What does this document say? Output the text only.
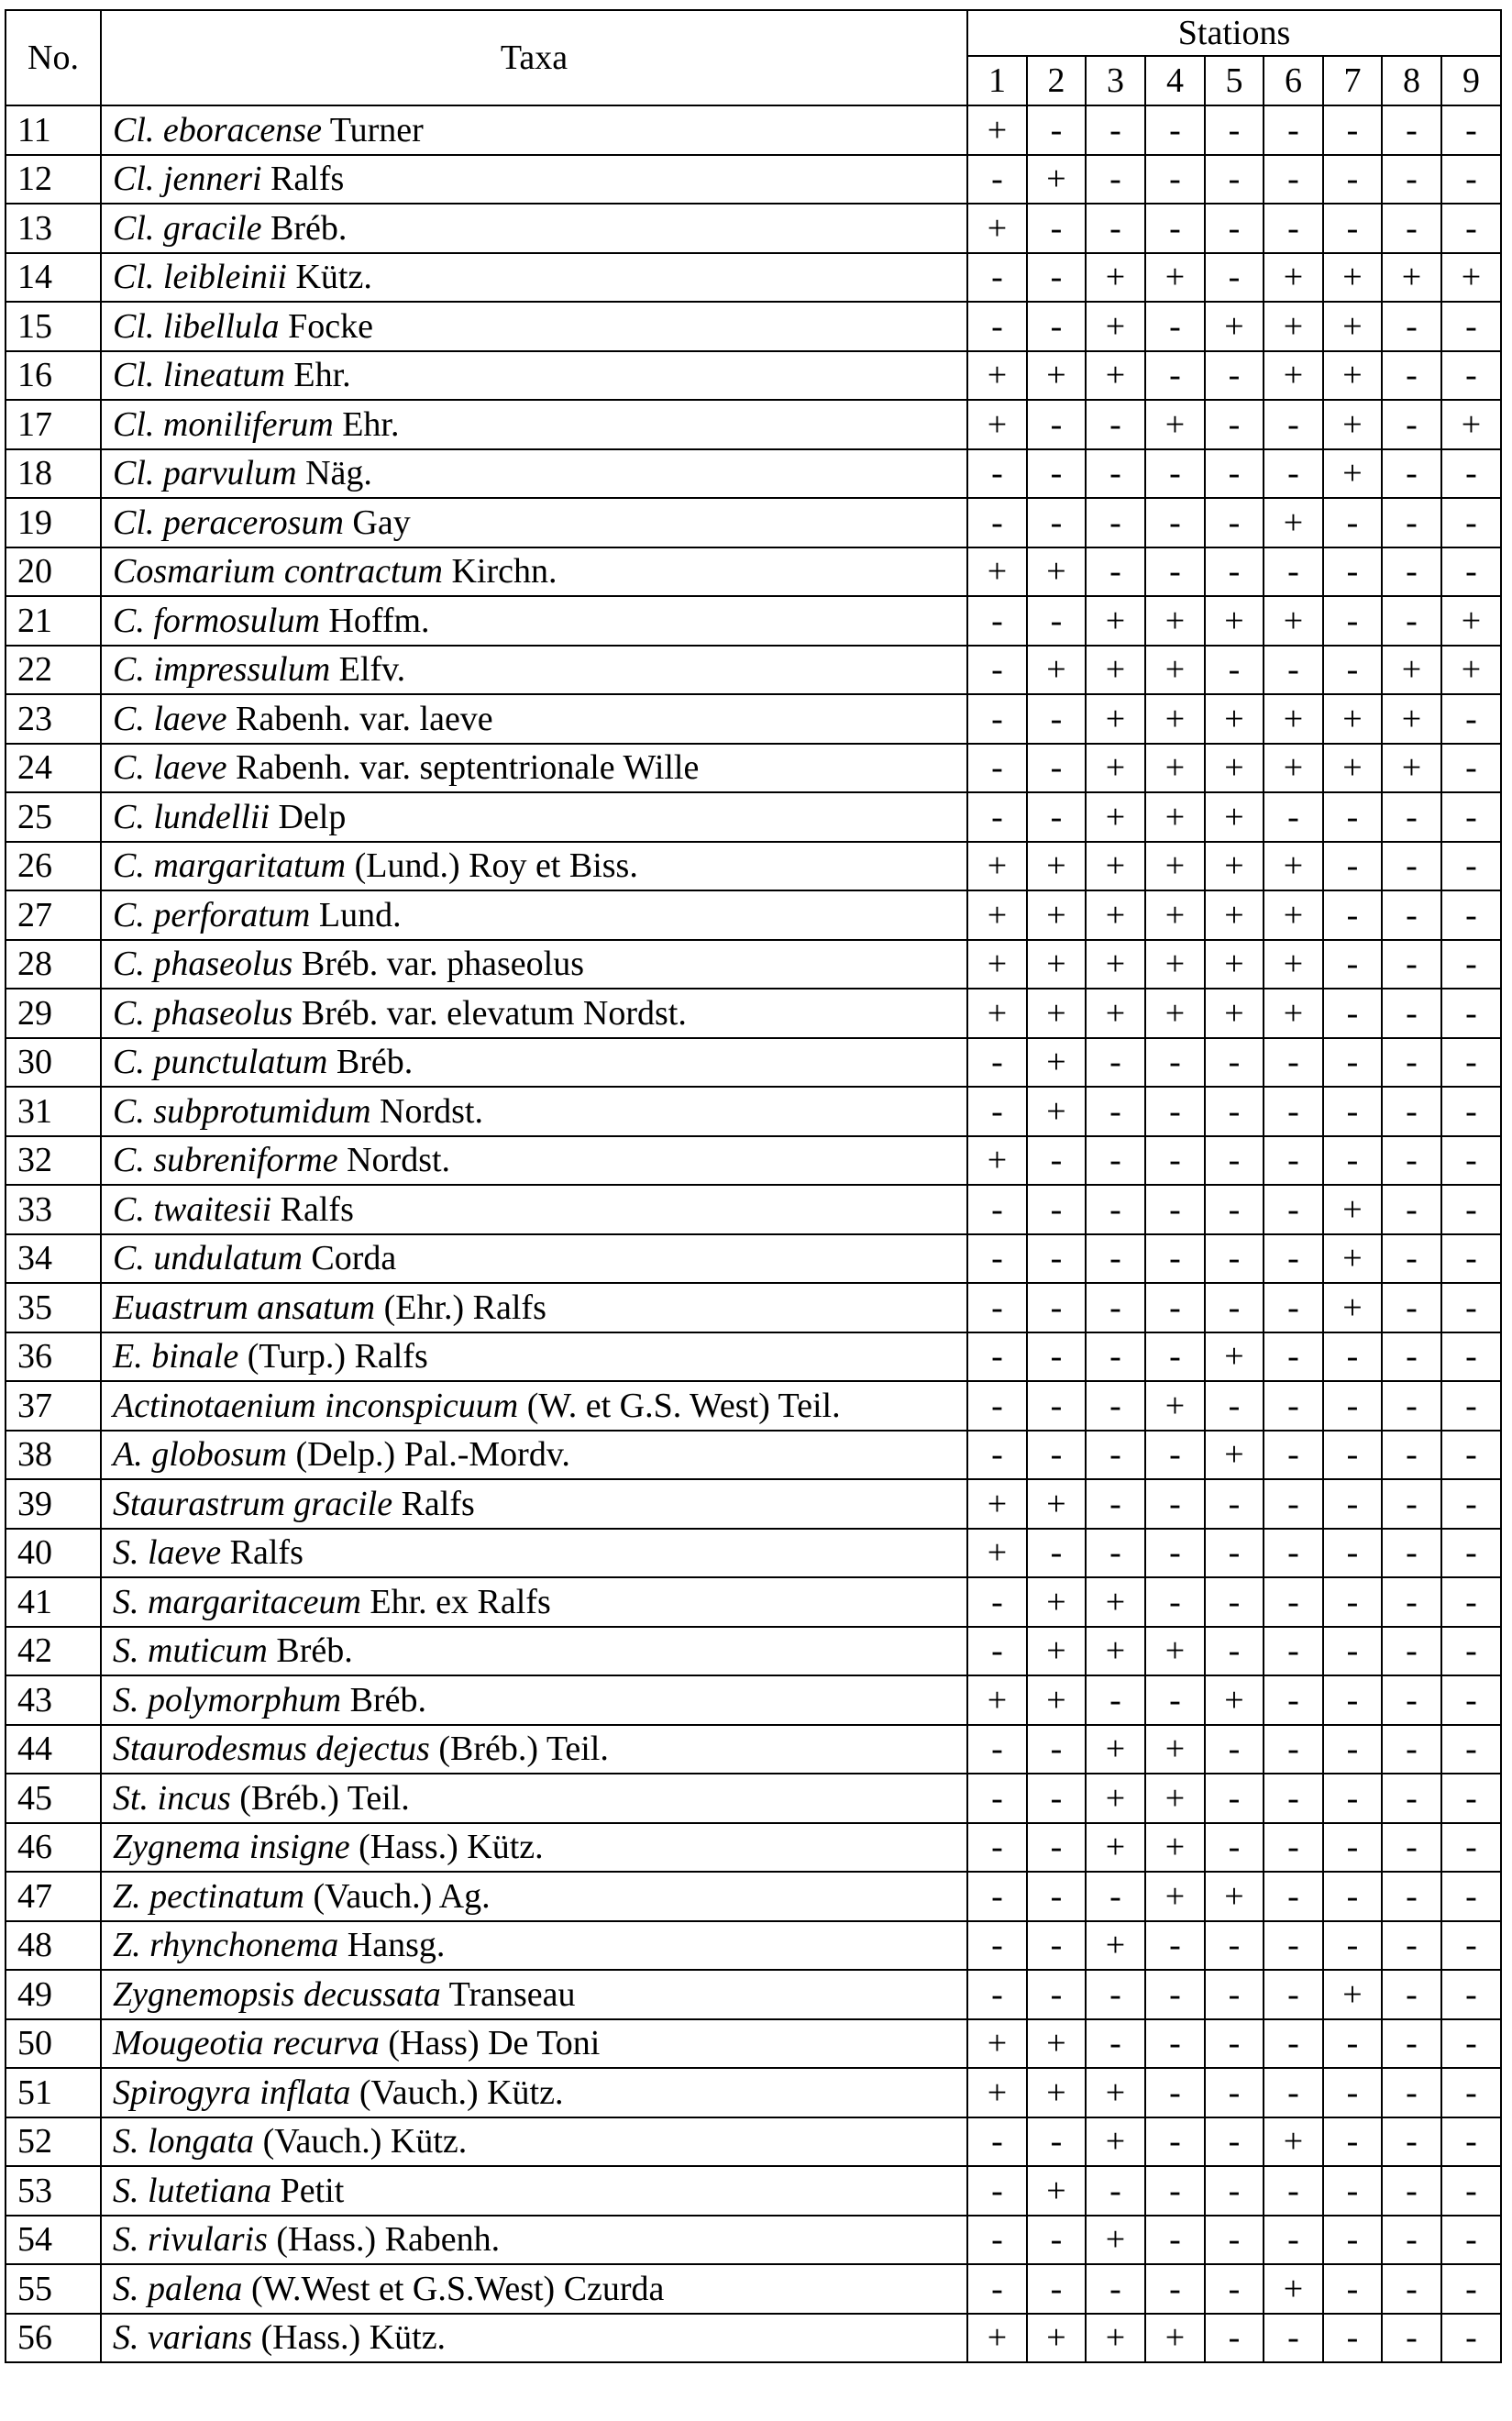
No.	Taxa	Stations								
		1	2	3	4	5	6	7	8	9
11	Cl. eboracense Turner	+	-	-	-	-	-	-	-	-
12	Cl. jenneri Ralfs	-	+	-	-	-	-	-	-	-
13	Cl. gracile Bréb.	+	-	-	-	-	-	-	-	-
14	Cl. leibleinii Kütz.	-	-	+	+	-	+	+	+	+
15	Cl. libellula Focke	-	-	+	-	+	+	+	-	-
16	Cl. lineatum Ehr.	+	+	+	-	-	+	+	-	-
17	Cl. moniliferum Ehr.	+	-	-	+	-	-	+	-	+
18	Cl. parvulum Näg.	-	-	-	-	-	-	+	-	-
19	Cl. peracerosum Gay	-	-	-	-	-	+	-	-	-
20	Cosmarium contractum Kirchn.	+	+	-	-	-	-	-	-	-
21	C. formosulum Hoffm.	-	-	+	+	+	+	-	-	+
22	C. impressulum Elfv.	-	+	+	+	-	-	-	+	+
23	C. laeve Rabenh. var. laeve	-	-	+	+	+	+	+	+	-
24	C. laeve Rabenh. var. septentrionale Wille	-	-	+	+	+	+	+	+	-
25	C. lundellii Delp	-	-	+	+	+	-	-	-	-
26	C. margaritatum (Lund.) Roy et Biss.	+	+	+	+	+	+	-	-	-
27	C. perforatum Lund.	+	+	+	+	+	+	-	-	-
28	C. phaseolus Bréb. var. phaseolus	+	+	+	+	+	+	-	-	-
29	C. phaseolus Bréb. var. elevatum Nordst.	+	+	+	+	+	+	-	-	-
30	C. punctulatum Bréb.	-	+	-	-	-	-	-	-	-
31	C. subprotumidum Nordst.	-	+	-	-	-	-	-	-	-
32	C. subreniforme Nordst.	+	-	-	-	-	-	-	-	-
33	C. twaitesii Ralfs	-	-	-	-	-	-	+	-	-
34	C. undulatum Corda	-	-	-	-	-	-	+	-	-
35	Euastrum ansatum (Ehr.) Ralfs	-	-	-	-	-	-	+	-	-
36	E. binale (Turp.) Ralfs	-	-	-	-	+	-	-	-	-
37	Actinotaenium inconspicuum (W. et G.S. West) Teil.	-	-	-	+	-	-	-	-	-
38	A. globosum (Delp.) Pal.-Mordv.	-	-	-	-	+	-	-	-	-
39	Staurastrum gracile Ralfs	+	+	-	-	-	-	-	-	-
40	S. laeve Ralfs	+	-	-	-	-	-	-	-	-
41	S. margaritaceum Ehr. ex Ralfs	-	+	+	-	-	-	-	-	-
42	S. muticum Bréb.	-	+	+	+	-	-	-	-	-
43	S. polymorphum Bréb.	+	+	-	-	+	-	-	-	-
44	Staurodesmus dejectus (Bréb.) Teil.	-	-	+	+	-	-	-	-	-
45	St. incus (Bréb.) Teil.	-	-	+	+	-	-	-	-	-
46	Zygnema insigne (Hass.) Kütz.	-	-	+	+	-	-	-	-	-
47	Z. pectinatum (Vauch.) Ag.	-	-	-	+	+	-	-	-	-
48	Z. rhynchonema Hansg.	-	-	+	-	-	-	-	-	-
49	Zygnemopsis decussata Transeau	-	-	-	-	-	-	+	-	-
50	Mougeotia recurva (Hass) De Toni	+	+	-	-	-	-	-	-	-
51	Spirogyra inflata (Vauch.) Kütz.	+	+	+	-	-	-	-	-	-
52	S. longata (Vauch.) Kütz.	-	-	+	-	-	+	-	-	-
53	S. lutetiana Petit	-	+	-	-	-	-	-	-	-
54	S. rivularis (Hass.) Rabenh.	-	-	+	-	-	-	-	-	-
55	S. palena (W.West et G.S.West) Czurda	-	-	-	-	-	+	-	-	-
56	S. varians (Hass.) Kütz.	+	+	+	+	-	-	-	-	-
